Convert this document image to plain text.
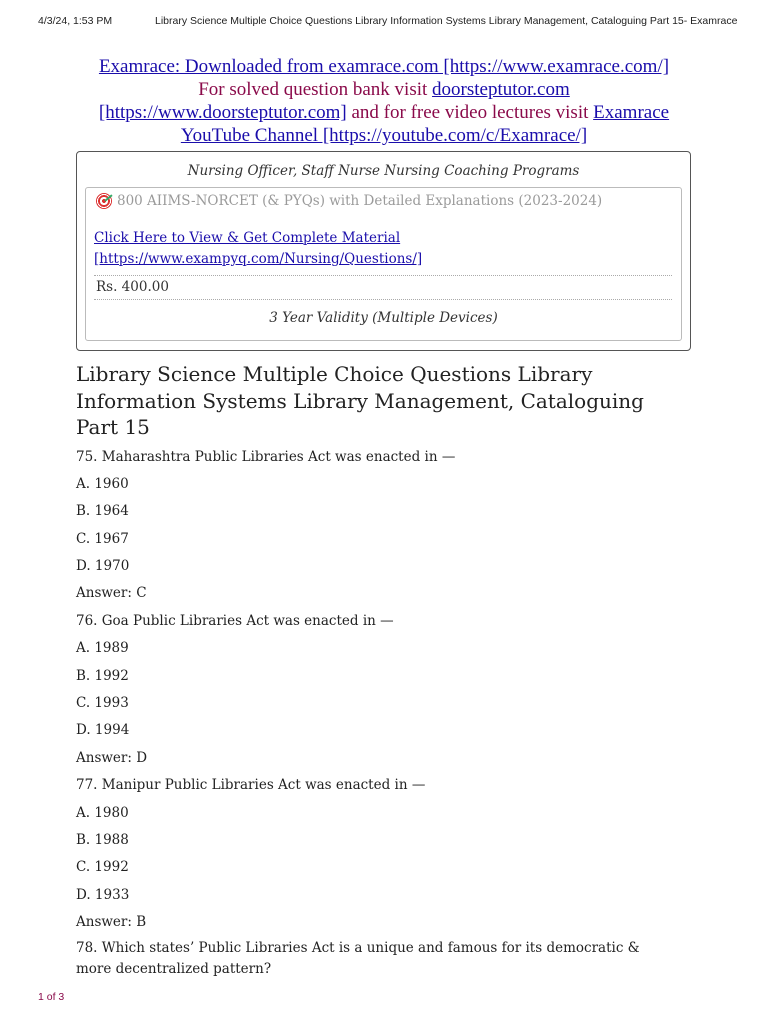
4/3/24, 1:53 PM	Library Science Multiple Choice Questions Library Information Systems Library Management, Cataloguing Part 15- Examrace
Examrace: Downloaded from examrace.com [https://www.examrace.com/]
For solved question bank visit doorsteptutor.com
[https://www.doorsteptutor.com] and for free video lectures visit Examrace
YouTube Channel [https://youtube.com/c/Examrace/]
Nursing Officer, Staff Nurse Nursing Coaching Programs
800 AIIMS-NORCET (& PYQs) with Detailed Explanations (2023-2024)
Click Here to View & Get Complete Material
[https://www.exampyq.com/Nursing/Questions/]
Rs. 400.00
3 Year Validity (Multiple Devices)
Library Science Multiple Choice Questions Library Information Systems Library Management, Cataloguing Part 15
75. Maharashtra Public Libraries Act was enacted in —
A. 1960
B. 1964
C. 1967
D. 1970
Answer: C
76. Goa Public Libraries Act was enacted in —
A. 1989
B. 1992
C. 1993
D. 1994
Answer: D
77. Manipur Public Libraries Act was enacted in —
A. 1980
B. 1988
C. 1992
D. 1933
Answer: B
78. Which states’ Public Libraries Act is a unique and famous for its democratic & more decentralized pattern?
1 of 3
